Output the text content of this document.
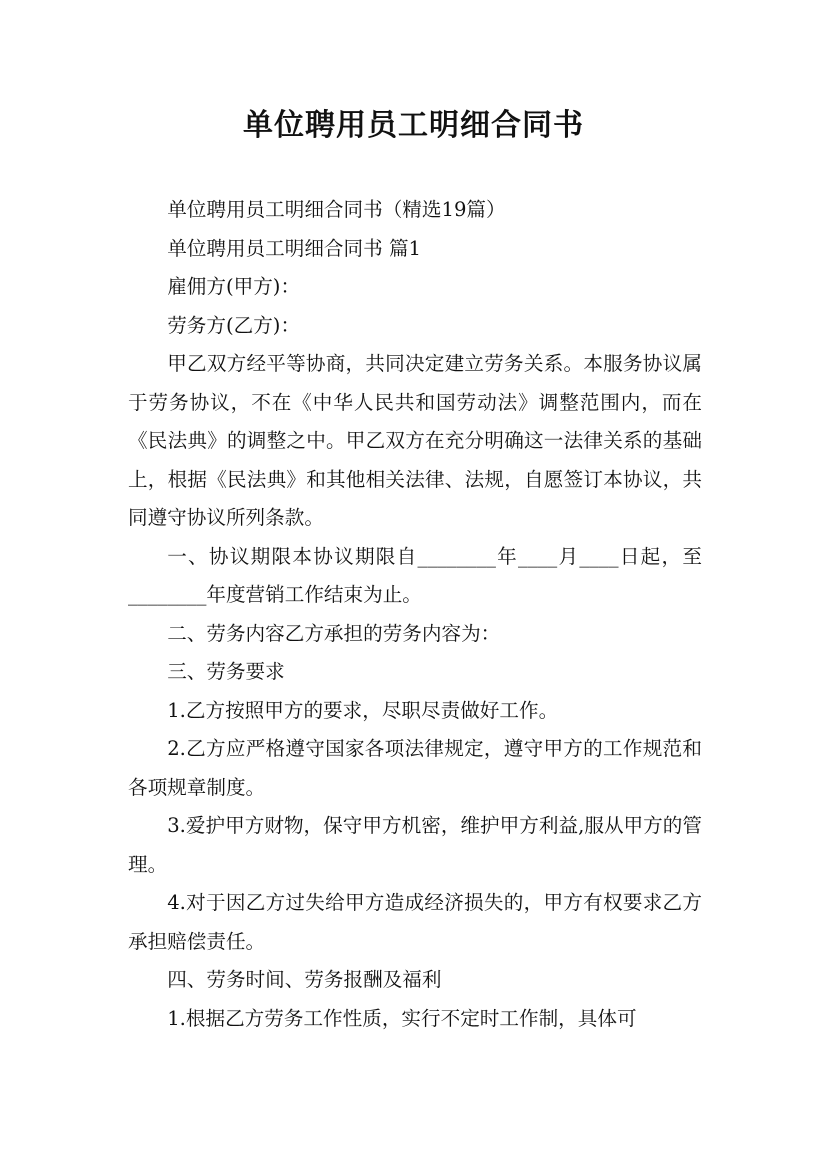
单位聘用员工明细合同书

单位聘用员工明细合同书（精选19篇）

单位聘用员工明细合同书 篇1

雇佣方(甲方)：

劳务方(乙方)：

甲乙双方经平等协商，共同决定建立劳务关系。本服务协议属于劳务协议，不在《中华人民共和国劳动法》调整范围内，而在《民法典》的调整之中。甲乙双方在充分明确这一法律关系的基础上，根据《民法典》和其他相关法律、法规，自愿签订本协议，共同遵守协议所列条款。

一、协议期限本协议期限自________年____月____日起，至________年度营销工作结束为止。

二、劳务内容乙方承担的劳务内容为：

三、劳务要求

1.乙方按照甲方的要求，尽职尽责做好工作。

2.乙方应严格遵守国家各项法律规定，遵守甲方的工作规范和各项规章制度。

3.爱护甲方财物，保守甲方机密，维护甲方利益,服从甲方的管理。

4.对于因乙方过失给甲方造成经济损失的，甲方有权要求乙方承担赔偿责任。

四、劳务时间、劳务报酬及福利

1.根据乙方劳务工作性质，实行不定时工作制，具体可
